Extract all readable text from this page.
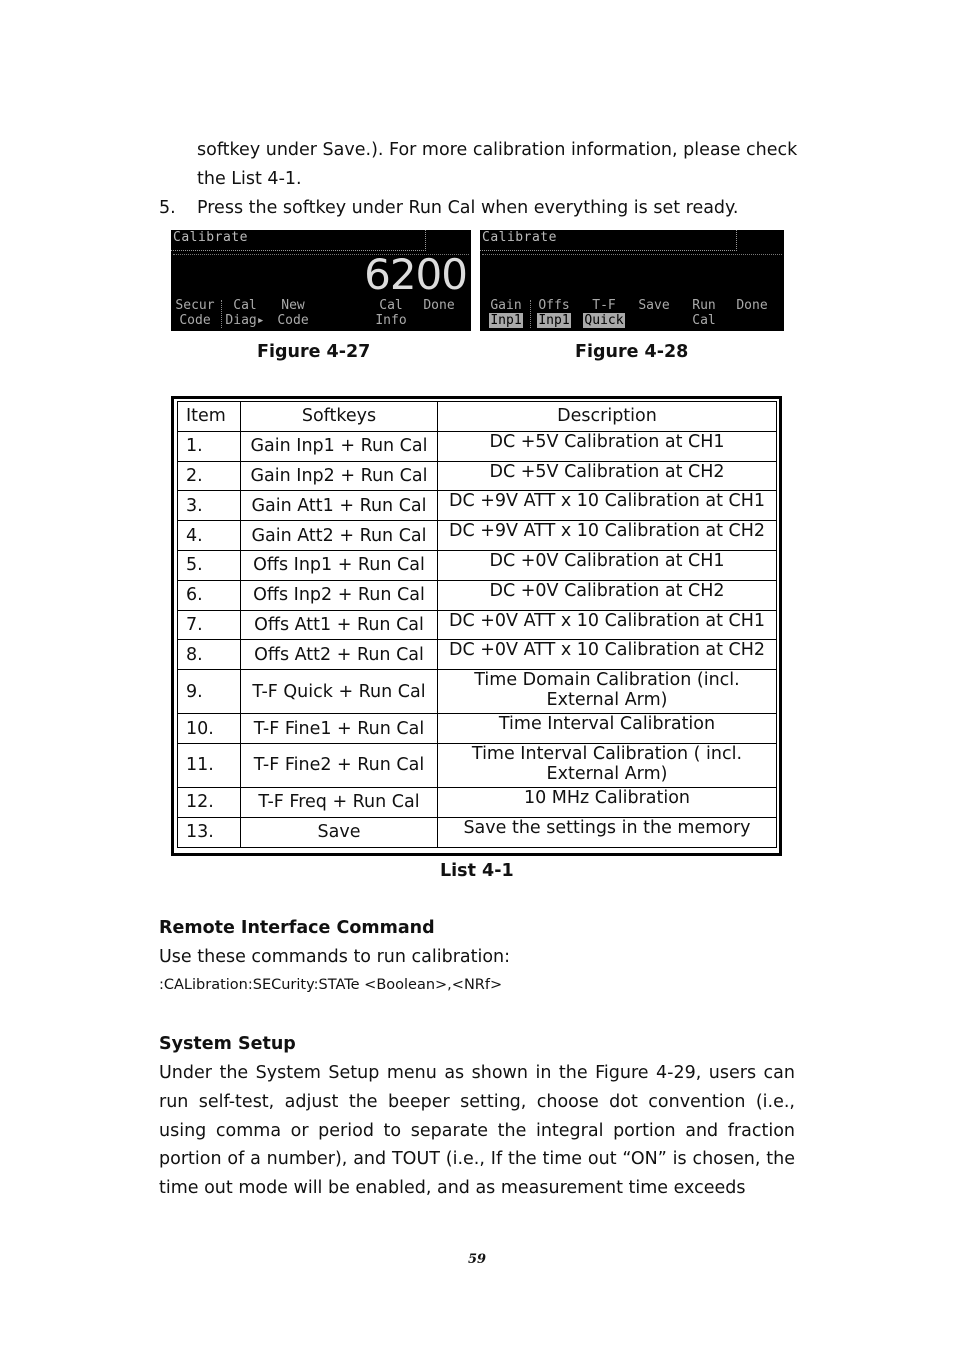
softkey under Save.). For more calibration information, please check
the List 4-1.
5. Press the softkey under Run Cal when everything is set ready.
Calibrate
6200
Secur
Code
Cal
Diag▸
New
Code
Cal
Info
Done
Calibrate
Gain
Inp1
Offs
Inp1
T-F
Quick
Save	Run
Cal
Done
Figure 4-27	Figure 4-28
Item	Softkeys	Description
1.	Gain Inp1 + Run Cal	DC +5V Calibration at CH1
2.	Gain Inp2 + Run Cal	DC +5V Calibration at CH2
3.	Gain Att1 + Run Cal	DC +9V ATT x 10 Calibration at CH1
4.	Gain Att2 + Run Cal	DC +9V ATT x 10 Calibration at CH2
5.	Offs Inp1 + Run Cal	DC +0V Calibration at CH1
6.	Offs Inp2 + Run Cal	DC +0V Calibration at CH2
7.	Offs Att1 + Run Cal	DC +0V ATT x 10 Calibration at CH1
8.	Offs Att2 + Run Cal	DC +0V ATT x 10 Calibration at CH2
9.	T-F Quick + Run Cal	Time Domain Calibration (incl. External Arm)
10.	T-F Fine1 + Run Cal	Time Interval Calibration
11.	T-F Fine2 + Run Cal	Time Interval Calibration ( incl. External Arm)
12.	T-F Freq + Run Cal	10 MHz Calibration
13.	Save	Save the settings in the memory
List 4-1
Remote Interface Command
Use these commands to run calibration:
:CALibration:SECurity:STATe <Boolean>,<NRf>
System Setup
Under the System Setup menu as shown in the Figure 4-29, users can run self-test, adjust the beeper setting, choose dot convention (i.e., using comma or period to separate the integral portion and fraction portion of a number), and TOUT (i.e., If the time out “ON” is chosen, the time out mode will be enabled, and as measurement time exceeds
59
